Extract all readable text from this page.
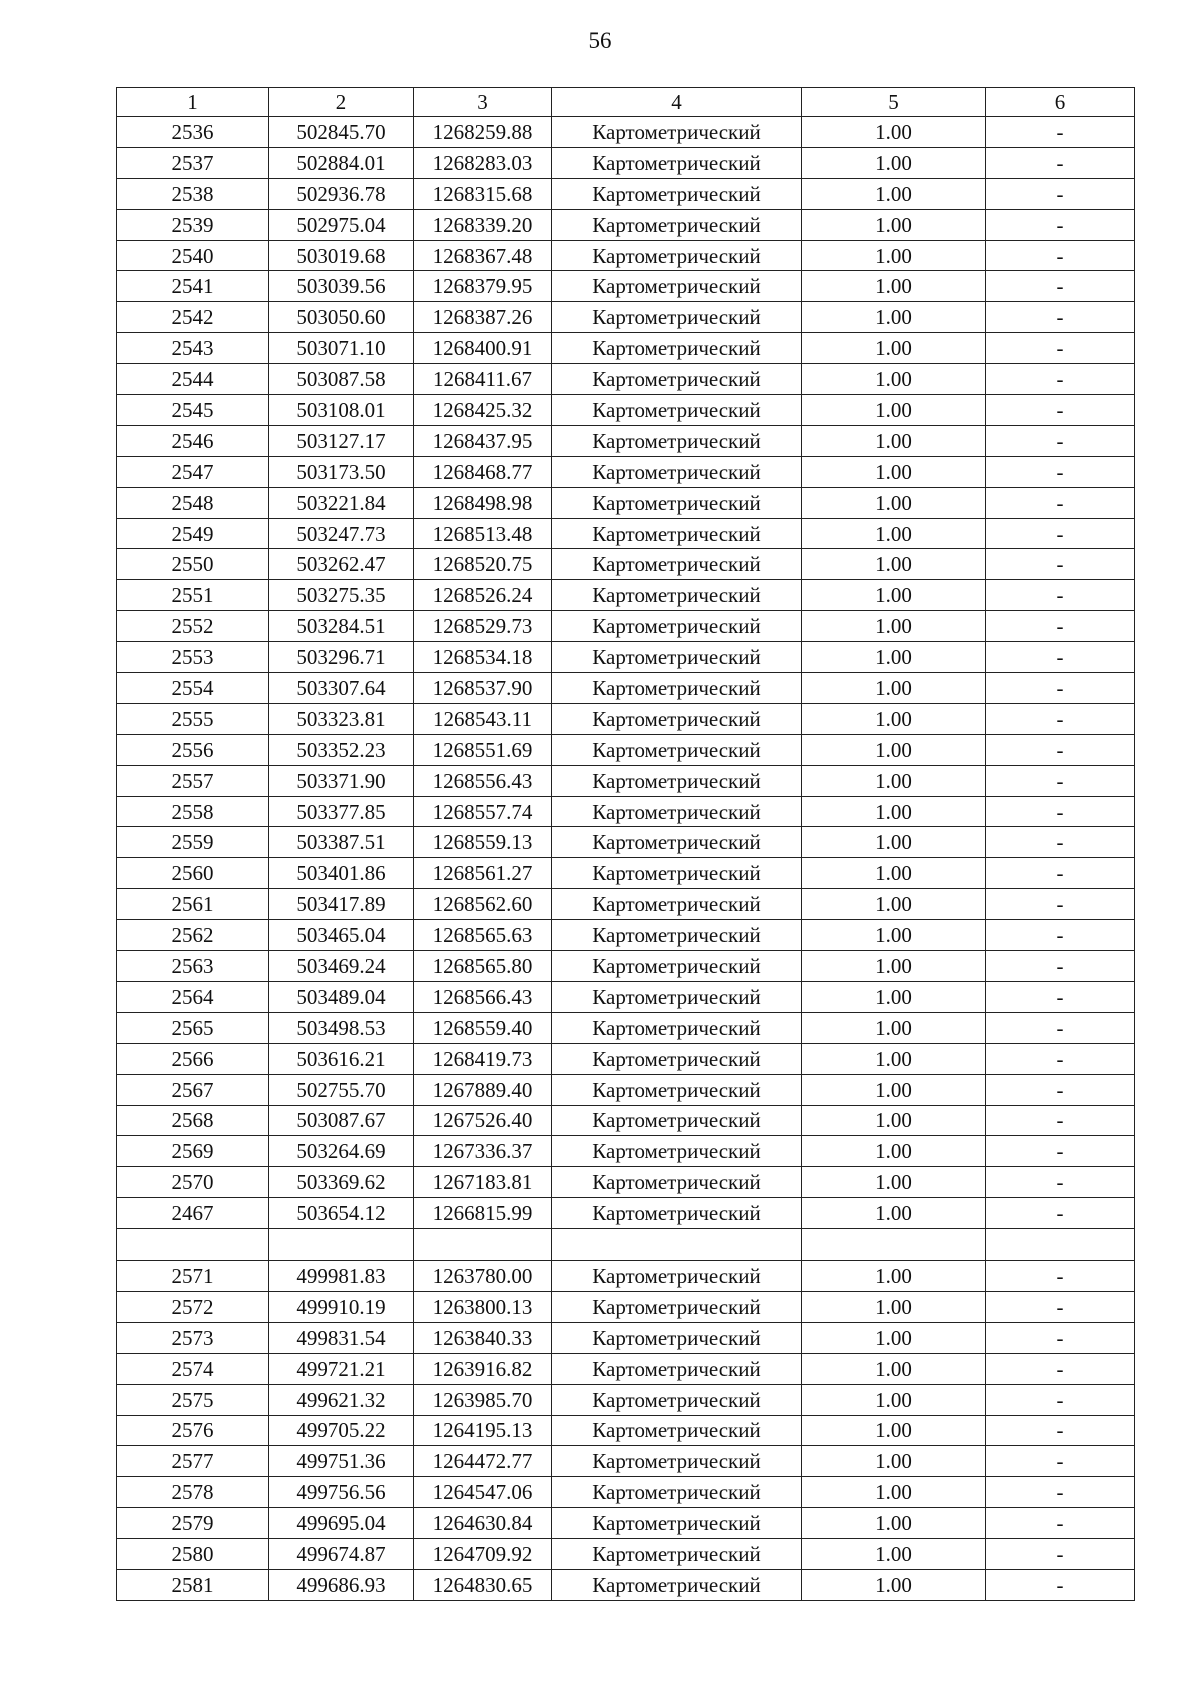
56
1	2	3	4	5	6
2536	502845.70	1268259.88	Картометрический	1.00	-
2537	502884.01	1268283.03	Картометрический	1.00	-
2538	502936.78	1268315.68	Картометрический	1.00	-
2539	502975.04	1268339.20	Картометрический	1.00	-
2540	503019.68	1268367.48	Картометрический	1.00	-
2541	503039.56	1268379.95	Картометрический	1.00	-
2542	503050.60	1268387.26	Картометрический	1.00	-
2543	503071.10	1268400.91	Картометрический	1.00	-
2544	503087.58	1268411.67	Картометрический	1.00	-
2545	503108.01	1268425.32	Картометрический	1.00	-
2546	503127.17	1268437.95	Картометрический	1.00	-
2547	503173.50	1268468.77	Картометрический	1.00	-
2548	503221.84	1268498.98	Картометрический	1.00	-
2549	503247.73	1268513.48	Картометрический	1.00	-
2550	503262.47	1268520.75	Картометрический	1.00	-
2551	503275.35	1268526.24	Картометрический	1.00	-
2552	503284.51	1268529.73	Картометрический	1.00	-
2553	503296.71	1268534.18	Картометрический	1.00	-
2554	503307.64	1268537.90	Картометрический	1.00	-
2555	503323.81	1268543.11	Картометрический	1.00	-
2556	503352.23	1268551.69	Картометрический	1.00	-
2557	503371.90	1268556.43	Картометрический	1.00	-
2558	503377.85	1268557.74	Картометрический	1.00	-
2559	503387.51	1268559.13	Картометрический	1.00	-
2560	503401.86	1268561.27	Картометрический	1.00	-
2561	503417.89	1268562.60	Картометрический	1.00	-
2562	503465.04	1268565.63	Картометрический	1.00	-
2563	503469.24	1268565.80	Картометрический	1.00	-
2564	503489.04	1268566.43	Картометрический	1.00	-
2565	503498.53	1268559.40	Картометрический	1.00	-
2566	503616.21	1268419.73	Картометрический	1.00	-
2567	502755.70	1267889.40	Картометрический	1.00	-
2568	503087.67	1267526.40	Картометрический	1.00	-
2569	503264.69	1267336.37	Картометрический	1.00	-
2570	503369.62	1267183.81	Картометрический	1.00	-
2467	503654.12	1266815.99	Картометрический	1.00	-

2571	499981.83	1263780.00	Картометрический	1.00	-
2572	499910.19	1263800.13	Картометрический	1.00	-
2573	499831.54	1263840.33	Картометрический	1.00	-
2574	499721.21	1263916.82	Картометрический	1.00	-
2575	499621.32	1263985.70	Картометрический	1.00	-
2576	499705.22	1264195.13	Картометрический	1.00	-
2577	499751.36	1264472.77	Картометрический	1.00	-
2578	499756.56	1264547.06	Картометрический	1.00	-
2579	499695.04	1264630.84	Картометрический	1.00	-
2580	499674.87	1264709.92	Картометрический	1.00	-
2581	499686.93	1264830.65	Картометрический	1.00	-
